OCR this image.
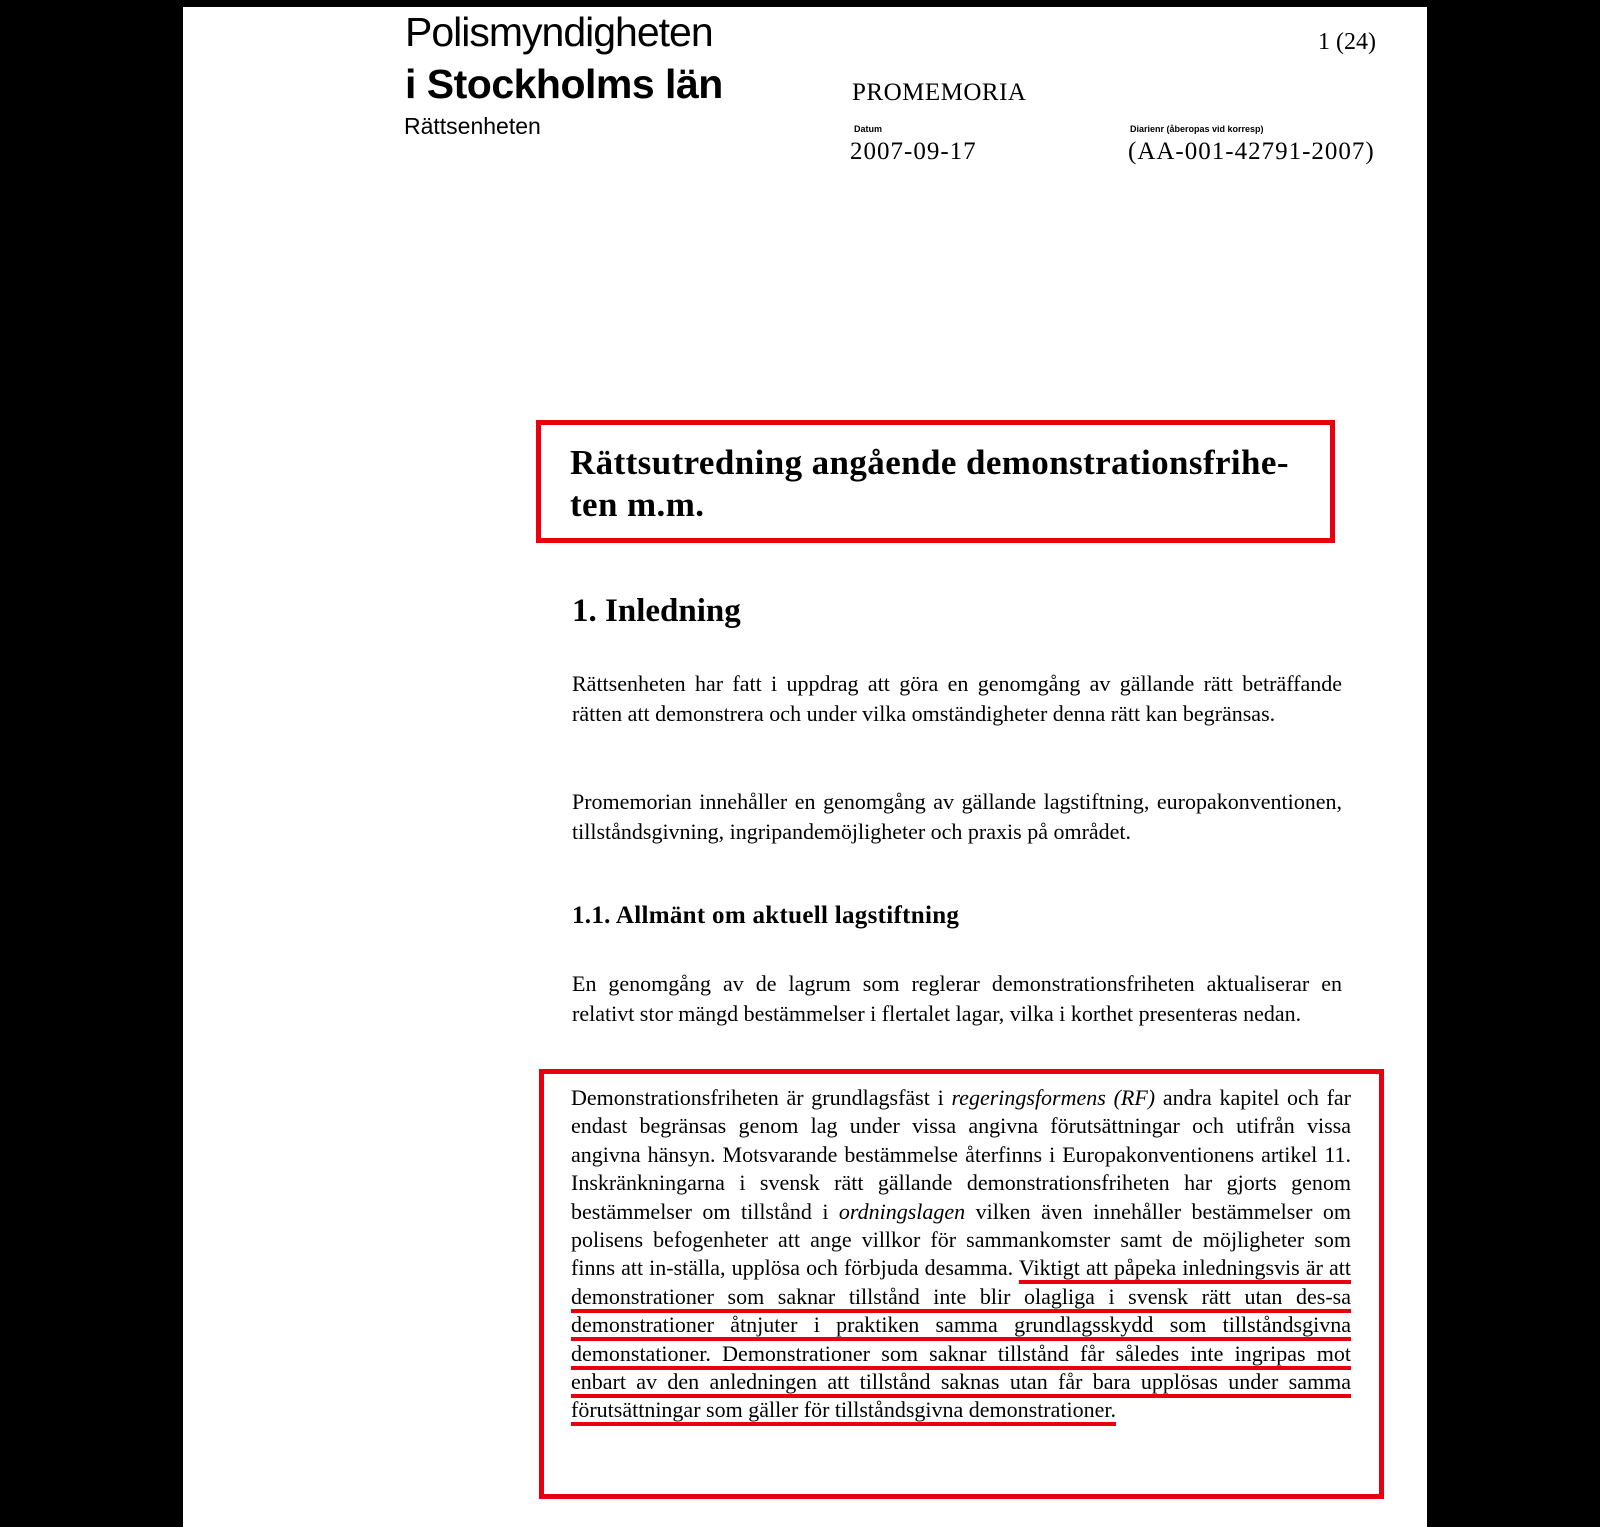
Polismyndigheten
i Stockholms län
Rättsenheten
1 (24)
PROMEMORIA
Datum
2007-09-17
Diarienr (åberopas vid korresp)
(AA-001-42791-2007)
Rättsutredning angående demonstrationsfrihe-ten m.m.
1. Inledning
Rättsenheten har fatt i uppdrag att göra en genomgång av gällande rätt beträffande rätten att demonstrera och under vilka omständigheter denna rätt kan begränsas.
Promemorian innehåller en genomgång av gällande lagstiftning, europakonventionen, tillståndsgivning, ingripandemöjligheter och praxis på området.
1.1. Allmänt om aktuell lagstiftning
En genomgång av de lagrum som reglerar demonstrationsfriheten aktualiserar en relativt stor mängd bestämmelser i flertalet lagar, vilka i korthet presenteras nedan.
Demonstrationsfriheten är grundlagsfäst i regeringsformens (RF) andra kapitel och far endast begränsas genom lag under vissa angivna förutsättningar och utifrån vissa angivna hänsyn. Motsvarande bestämmelse återfinns i Europakonventionens artikel 11. Inskränkningarna i svensk rätt gällande demonstrationsfriheten har gjorts genom bestämmelser om tillstånd i ordningslagen vilken även innehåller bestämmelser om polisens befogenheter att ange villkor för sammankomster samt de möjligheter som finns att in-ställa, upplösa och förbjuda desamma. Viktigt att påpeka inledningsvis är att demonstrationer som saknar tillstånd inte blir olagliga i svensk rätt utan des-sa demonstrationer åtnjuter i praktiken samma grundlagsskydd som tillståndsgivna demonstationer. Demonstrationer som saknar tillstånd får således inte ingripas mot enbart av den anledningen att tillstånd saknas utan får bara upplösas under samma förutsättningar som gäller för tillståndsgivna demonstrationer.
